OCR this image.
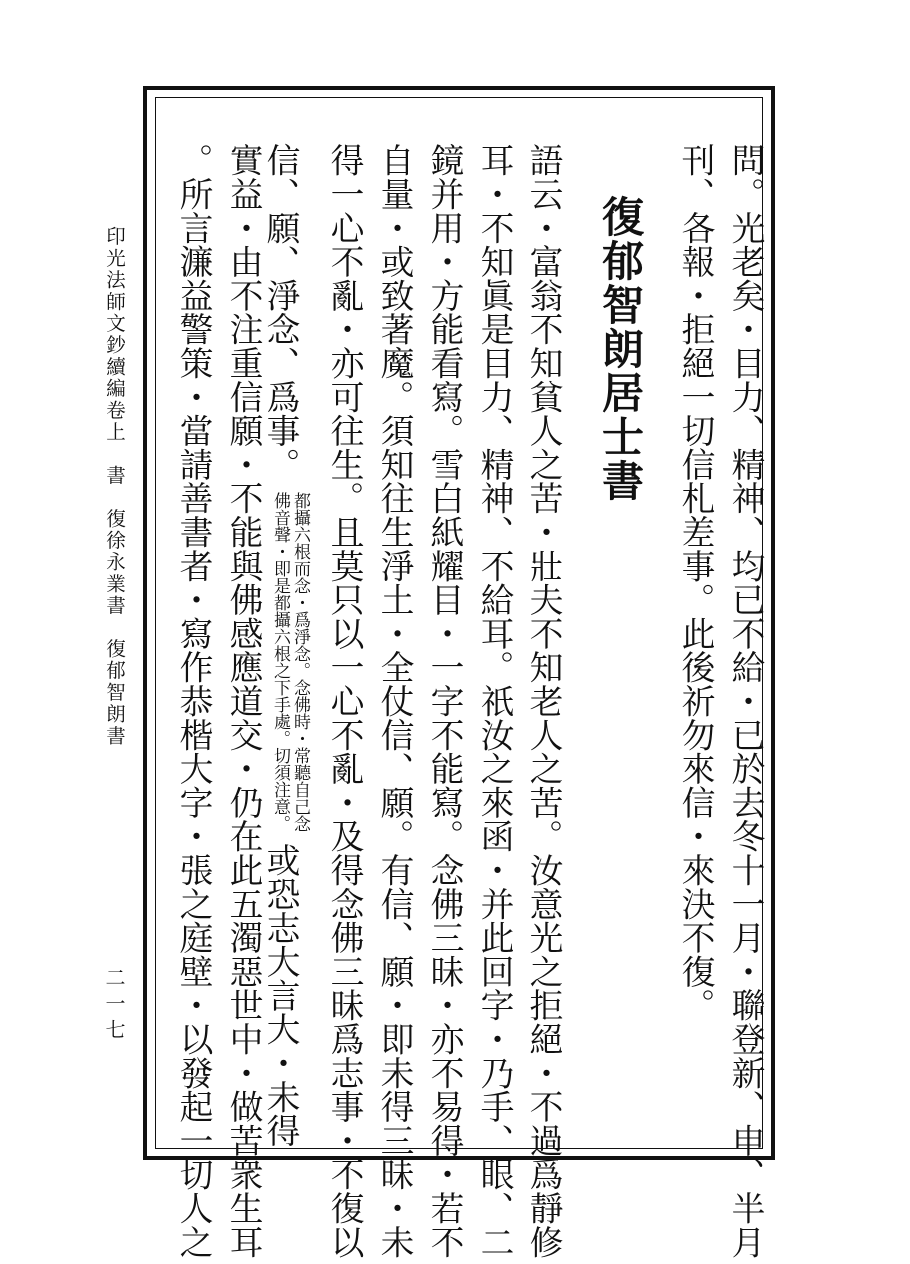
問。光老矣・目力、精神、均已不給・已於去冬十一月・聯登新、申、半月
刊、各報・拒絕一切信札差事。此後祈勿來信・來決不復。
復郁智朗居士書
語云・富翁不知貧人之苦・壯夫不知老人之苦。汝意光之拒絕・不過爲靜修
耳・不知眞是目力、精神、不給耳。祇汝之來函・并此回字・乃手、眼、二
鏡并用・方能看寫。雪白紙耀目・一字不能寫。念佛三昧・亦不易得・若不
自量・或致著魔。須知往生淨土・全仗信、願。有信、願・即未得三昧・未
得一心不亂・亦可往生。且莫只以一心不亂・及得念佛三昧爲志事・不復以
信、願、淨念、爲事。
都攝六根而念・爲淨念。念佛時・常聽自己念
佛音聲・即是都攝六根之下手處。切須注意。
或恐志大言大・未得
實益・由不注重信願・不能與佛感應道交・仍在此五濁惡世中・做苦衆生耳
。所言濂益警策・當請善書者・寫作恭楷大字・張之庭壁・以發起一切人之
印光法師文鈔續編卷上　書　復徐永業書　復郁智朗書
二一七
